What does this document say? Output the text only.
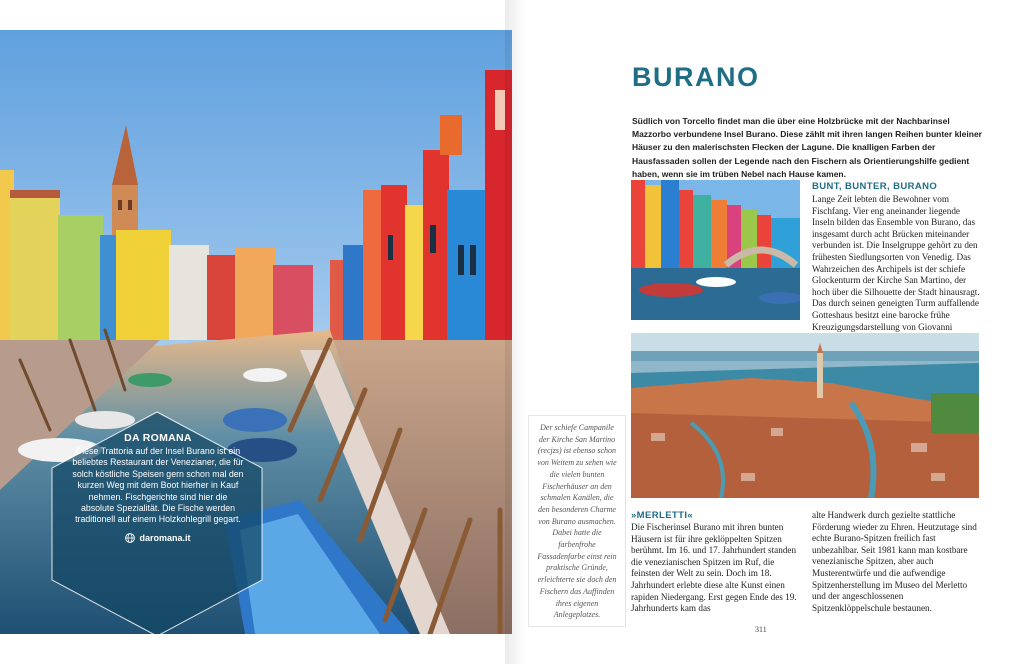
DA ROMANA
Diese Trattoria auf der Insel Burano ist ein beliebtes Restaurant der Venezianer, die für solch köstliche Speisen gern schon mal den kurzen Weg mit dem Boot hierher in Kauf nehmen. Fischgerichte sind hier die absolute Spezialität. Die Fische werden traditionell auf einem Holzkohlegrill gegart.
daromana.it
BURANO
Südlich von Torcello findet man die über eine Holzbrücke mit der Nachbarinsel Mazzorbo verbundene Insel Burano. Diese zählt mit ihren langen Reihen bunter kleiner Häuser zu den malerischsten Flecken der Lagune. Die knalligen Farben der Hausfassaden sollen der Legende nach den Fischern als Orientierungshilfe gedient haben, wenn sie im trüben Nebel nach Hause kamen.
BUNT, BUNTER, BURANO
Lange Zeit lebten die Bewohner vom Fischfang. Vier eng aneinander liegende Inseln bilden das Ensemble von Burano, das insgesamt durch acht Brücken miteinander verbunden ist. Die Inselgruppe gehört zu den frühesten Siedlungsorten von Venedig. Das Wahrzeichen des Archipels ist der schiefe Glockenturm der Kirche San Martino, der hoch über die Silhouette der Stadt hinausragt. Das durch seinen geneigten Turm auffallende Gotteshaus besitzt eine barocke frühe Kreuzigungsdarstellung von Giovanni
Der schiefe Campanile der Kirche San Martino (recjzs) ist ebenso schon von Weitem zu sehen wie die vielen bunten Fischerhäuser an den schmalen Kanälen, die den besonderen Charme von Burano ausmachen. Dabei hatte die farbenfrohe Fassadenfarbe einst rein praktische Gründe, erleichterte sie doch den Fischern das Auffinden ihres eigenen Anlegeplatzes.
»MERLETTI«
Die Fischerinsel Burano mit ihren bunten Häusern ist für ihre geklöppelten Spitzen berühmt. Im 16. und 17. Jahrhundert standen die venezianischen Spitzen im Ruf, die feinsten der Welt zu sein. Doch im 18. Jahrhundert erlebte diese alte Kunst einen rapiden Niedergang. Erst gegen Ende des 19. Jahrhunderts kam das
alte Handwerk durch gezielte stattliche Förderung wieder zu Ehren. Heutzutage sind echte Burano-Spitzen freilich fast unbezahlbar. Seit 1981 kann man kostbare venezianische Spitzen, aber auch Musterentwürfe und die aufwendige Spitzenherstellung im Museo del Merletto und der angeschlossenen Spitzenklöppelschule bestaunen.
311
